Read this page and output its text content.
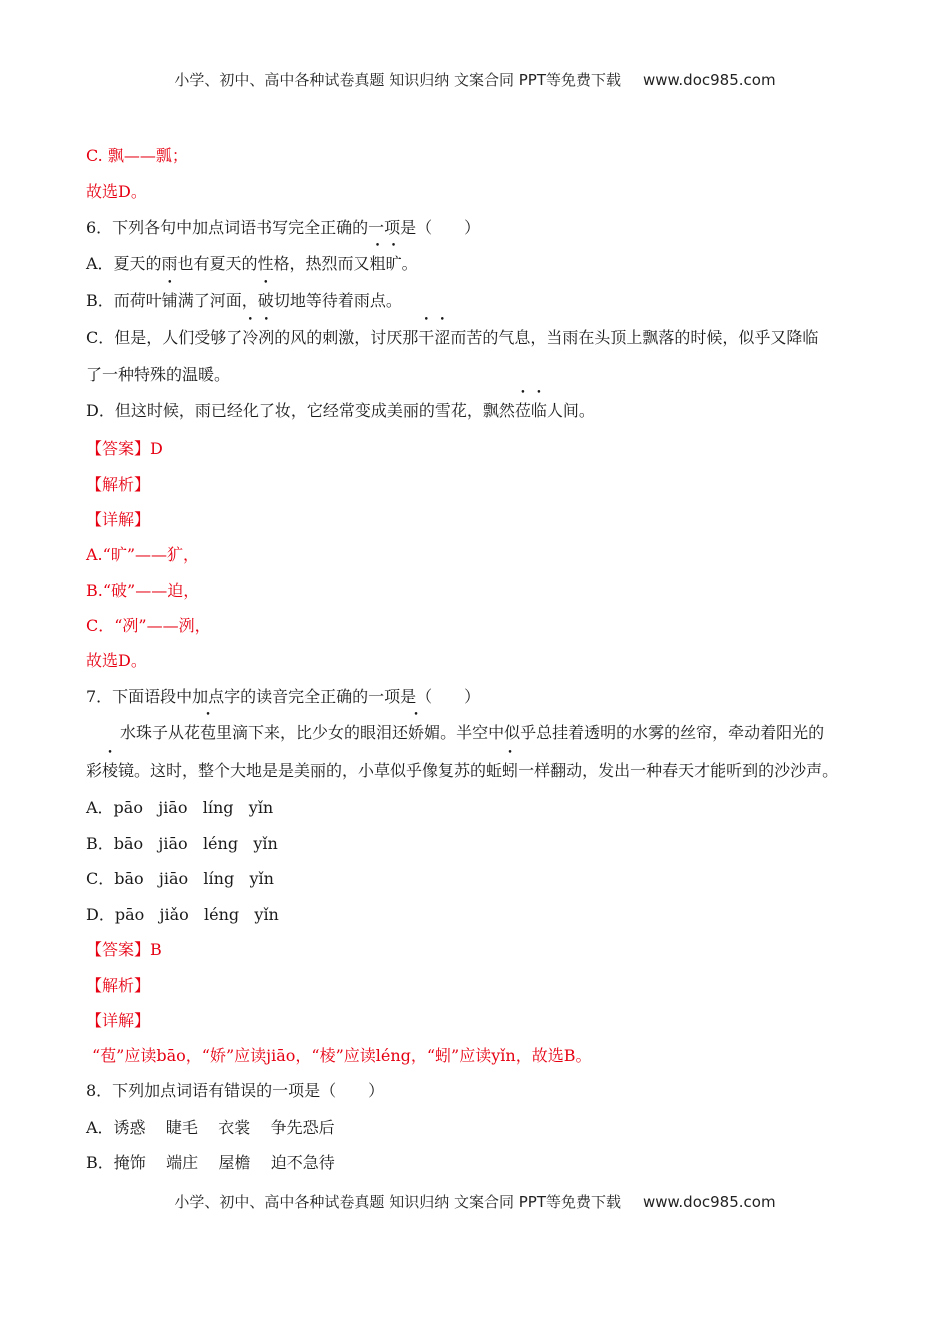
小学、初中、高中各种试卷真题 知识归纳 文案合同 PPT等免费下载 www.doc985.com
C. 飘——瓢；
故选D。
6．下列各句中加点词语书写完全正确的一项是（　　）
A．夏天的雨也有夏天的性格，热烈而又粗旷。
B．而荷叶铺满了河面，破切地等待着雨点。
C．但是，人们受够了冷冽的风的刺激，讨厌那干涩而苦的气息，当雨在头顶上飘落的时候，似乎又降临
了一种特殊的温暖。
D．但这时候，雨已经化了妆，它经常变成美丽的雪花，飘然莅临人间。
【答案】D
【解析】
【详解】
A.“旷”——犷，
B.“破”——迫，
C．“冽”——洌，
故选D。
7．下面语段中加点字的读音完全正确的一项是（　　）
水珠子从花苞里滴下来，比少女的眼泪还娇媚。半空中似乎总挂着透明的水雾的丝帘，牵动着阳光的
彩棱镜。这时，整个大地是是美丽的，小草似乎像复苏的蚯蚓一样翻动，发出一种春天才能听到的沙沙声。
A．pāo   jiāo   líng   yǐn
B．bāo   jiāo   léng   yǐn
C．bāo   jiāo   líng   yǐn
D．pāo   jiǎo   léng   yǐn
【答案】B
【解析】
【详解】
“苞”应读bāo，“娇”应读jiāo，“棱”应读léng，“蚓”应读yǐn，故选B。
8．下列加点词语有错误的一项是（　　）
A．诱惑    睫毛    衣裳    争先恐后
B．掩饰    端庄    屋檐    迫不急待
小学、初中、高中各种试卷真题 知识归纳 文案合同 PPT等免费下载 www.doc985.com
